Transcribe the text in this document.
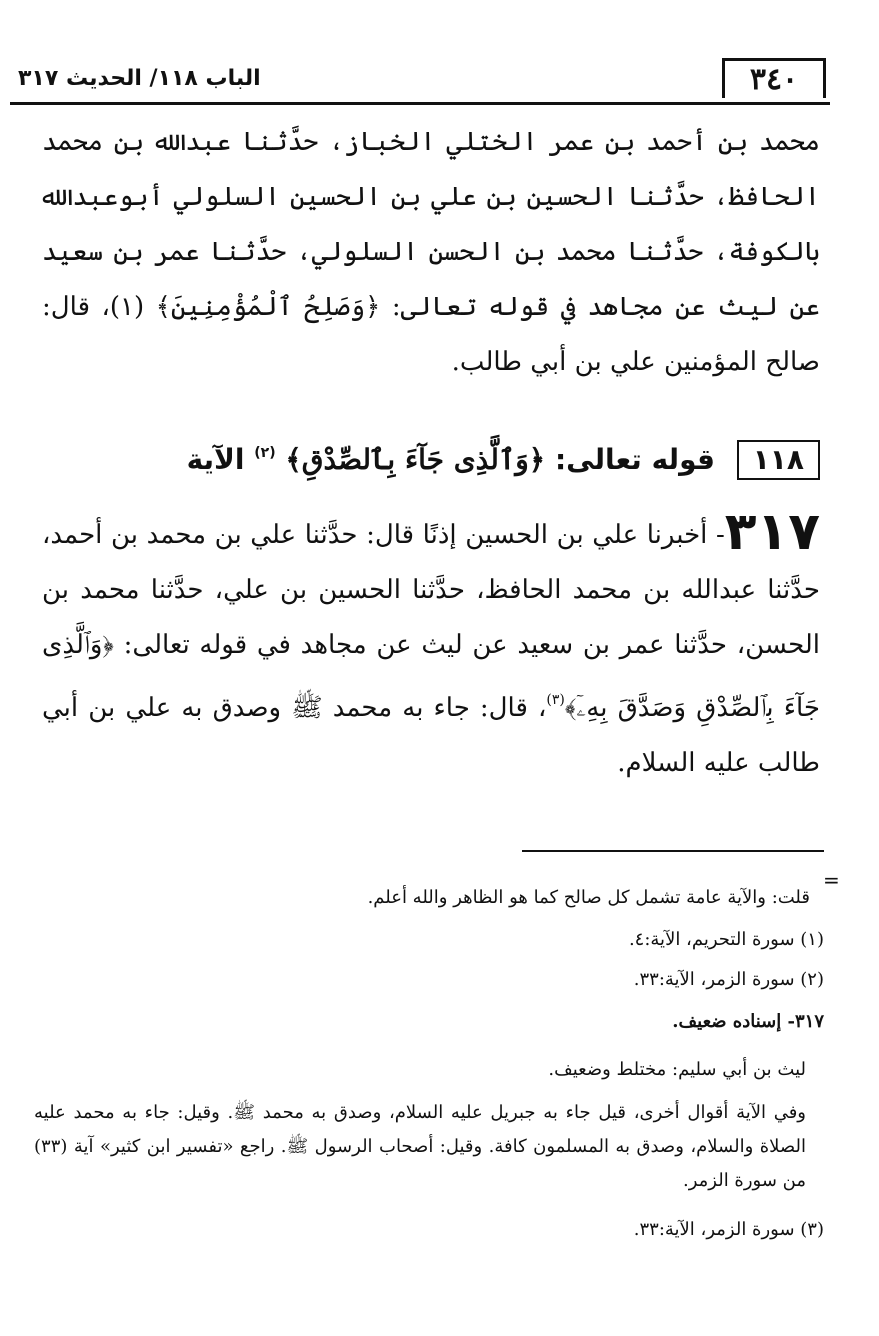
الباب ١١٨/ الحديث ٣١٧	٣٤٠
محمد بن أحمد بن عمر الختلي الخباز، حدَّثنا عبدالله بن محمد الحافظ، حدَّثنا الحسين بن علي بن الحسين السلولي أبوعبدالله بالكوفة، حدَّثنا محمد بن الحسن السلولي، حدَّثنا عمر بن سعيد عن ليث عن مجاهد في قوله تعالى: ﴿وَصَلِحُ ٱلْمُؤْمِنِينَ﴾ (١)، قال: صالح المؤمنين علي بن أبي طالب.
١١٨ قوله تعالى: ﴿وَٱلَّذِى جَآءَ بِٱلصِّدْقِ﴾ $^{(٢)}$ الآية
٣١٧- أخبرنا علي بن الحسين إذنًا قال: حدَّثنا علي بن محمد بن أحمد، حدَّثنا عبدالله بن محمد الحافظ، حدَّثنا الحسين بن علي، حدَّثنا محمد بن الحسن، حدَّثنا عمر بن سعيد عن ليث عن مجاهد في قوله تعالى: ﴿وَٱلَّذِى جَآءَ بِٱلصِّدْقِ وَصَدَّقَ بِهِۦٓ﴾$^{(٣)}$، قال: جاء به محمد ﷺ وصدق به علي بن أبي طالب عليه السلام.
=
قلت: والآية عامة تشمل كل صالح كما هو الظاهر والله أعلم.
(١) سورة التحريم، الآية:٤.
(٢) سورة الزمر، الآية:٣٣.
٣١٧- إسناده ضعيف.
ليث بن أبي سليم: مختلط وضعيف.
وفي الآية أقوال أخرى، قيل جاء به جبريل عليه السلام، وصدق به محمد ﷺ. وقيل: جاء به محمد عليه الصلاة والسلام، وصدق به المسلمون كافة. وقيل: أصحاب الرسول ﷺ. راجع «تفسير ابن كثير» آية (٣٣) من سورة الزمر.
(٣) سورة الزمر، الآية:٣٣.
